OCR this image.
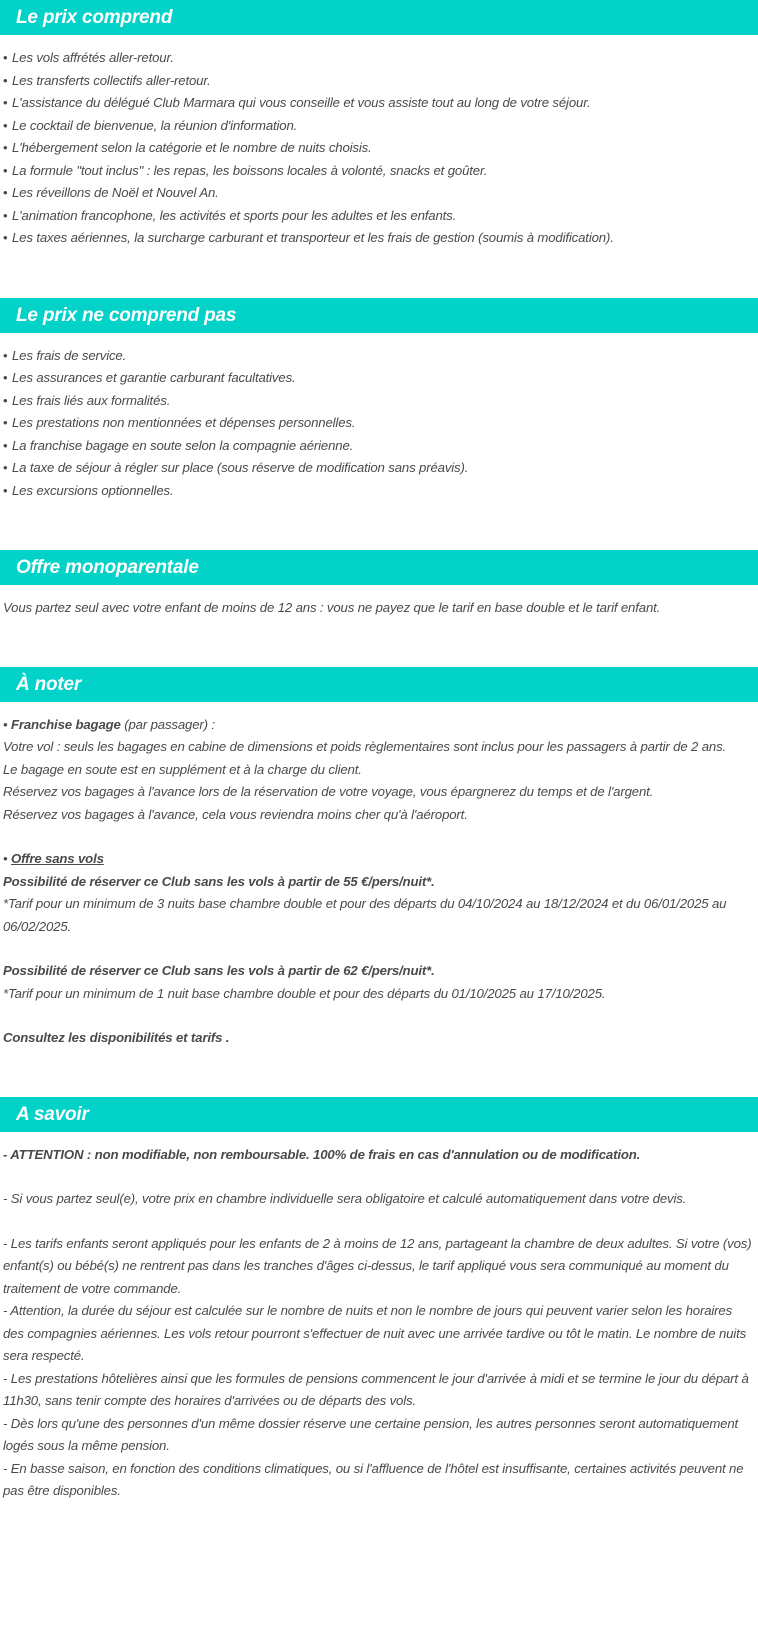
Le prix comprend
• Les vols affrétés aller-retour.
• Les transferts collectifs aller-retour.
• L'assistance du délégué Club Marmara qui vous conseille et vous assiste tout au long de votre séjour.
• Le cocktail de bienvenue, la réunion d'information.
• L'hébergement selon la catégorie et le nombre de nuits choisis.
• La formule "tout inclus" : les repas, les boissons locales à volonté, snacks et goûter.
• Les réveillons de Noël et Nouvel An.
• L'animation francophone, les activités et sports pour les adultes et les enfants.
• Les taxes aériennes, la surcharge carburant et transporteur et les frais de gestion (soumis à modification).
Le prix ne comprend pas
• Les frais de service.
• Les assurances et garantie carburant facultatives.
• Les frais liés aux formalités.
• Les prestations non mentionnées et dépenses personnelles.
• La franchise bagage en soute selon la compagnie aérienne.
• La taxe de séjour à régler sur place (sous réserve de modification sans préavis).
• Les excursions optionnelles.
Offre monoparentale
Vous partez seul avec votre enfant de moins de 12 ans : vous ne payez que le tarif en base double et le tarif enfant.
À noter
• Franchise bagage (par passager) :
Votre vol : seuls les bagages en cabine de dimensions et poids règlementaires sont inclus pour les passagers à partir de 2 ans.
Le bagage en soute est en supplément et à la charge du client.
Réservez vos bagages à l'avance lors de la réservation de votre voyage, vous épargnerez du temps et de l'argent.
Réservez vos bagages à l'avance, cela vous reviendra moins cher qu'à l'aéroport.
• Offre sans vols
Possibilité de réserver ce Club sans les vols à partir de 55 €/pers/nuit*.
*Tarif pour un minimum de 3 nuits base chambre double et pour des départs du 04/10/2024 au 18/12/2024 et du 06/01/2025 au 06/02/2025.
Possibilité de réserver ce Club sans les vols à partir de 62 €/pers/nuit*.
*Tarif pour un minimum de 1 nuit base chambre double et pour des départs du 01/10/2025 au 17/10/2025.
Consultez les disponibilités et tarifs .
A savoir
- ATTENTION : non modifiable, non remboursable. 100% de frais en cas d'annulation ou de modification.
- Si vous partez seul(e), votre prix en chambre individuelle sera obligatoire et calculé automatiquement dans votre devis.
- Les tarifs enfants seront appliqués pour les enfants de 2 à moins de 12 ans, partageant la chambre de deux adultes. Si votre (vos) enfant(s) ou bébé(s) ne rentrent pas dans les tranches d'âges ci-dessus, le tarif appliqué vous sera communiqué au moment du traitement de votre commande.
- Attention, la durée du séjour est calculée sur le nombre de nuits et non le nombre de jours qui peuvent varier selon les horaires des compagnies aériennes. Les vols retour pourront s'effectuer de nuit avec une arrivée tardive ou tôt le matin. Le nombre de nuits sera respecté.
- Les prestations hôtelières ainsi que les formules de pensions commencent le jour d'arrivée à midi et se termine le jour du départ à 11h30, sans tenir compte des horaires d'arrivées ou de départs des vols.
- Dès lors qu'une des personnes d'un même dossier réserve une certaine pension, les autres personnes seront automatiquement logés sous la même pension.
- En basse saison, en fonction des conditions climatiques, ou si l'affluence de l'hôtel est insuffisante, certaines activités peuvent ne pas être disponibles.
